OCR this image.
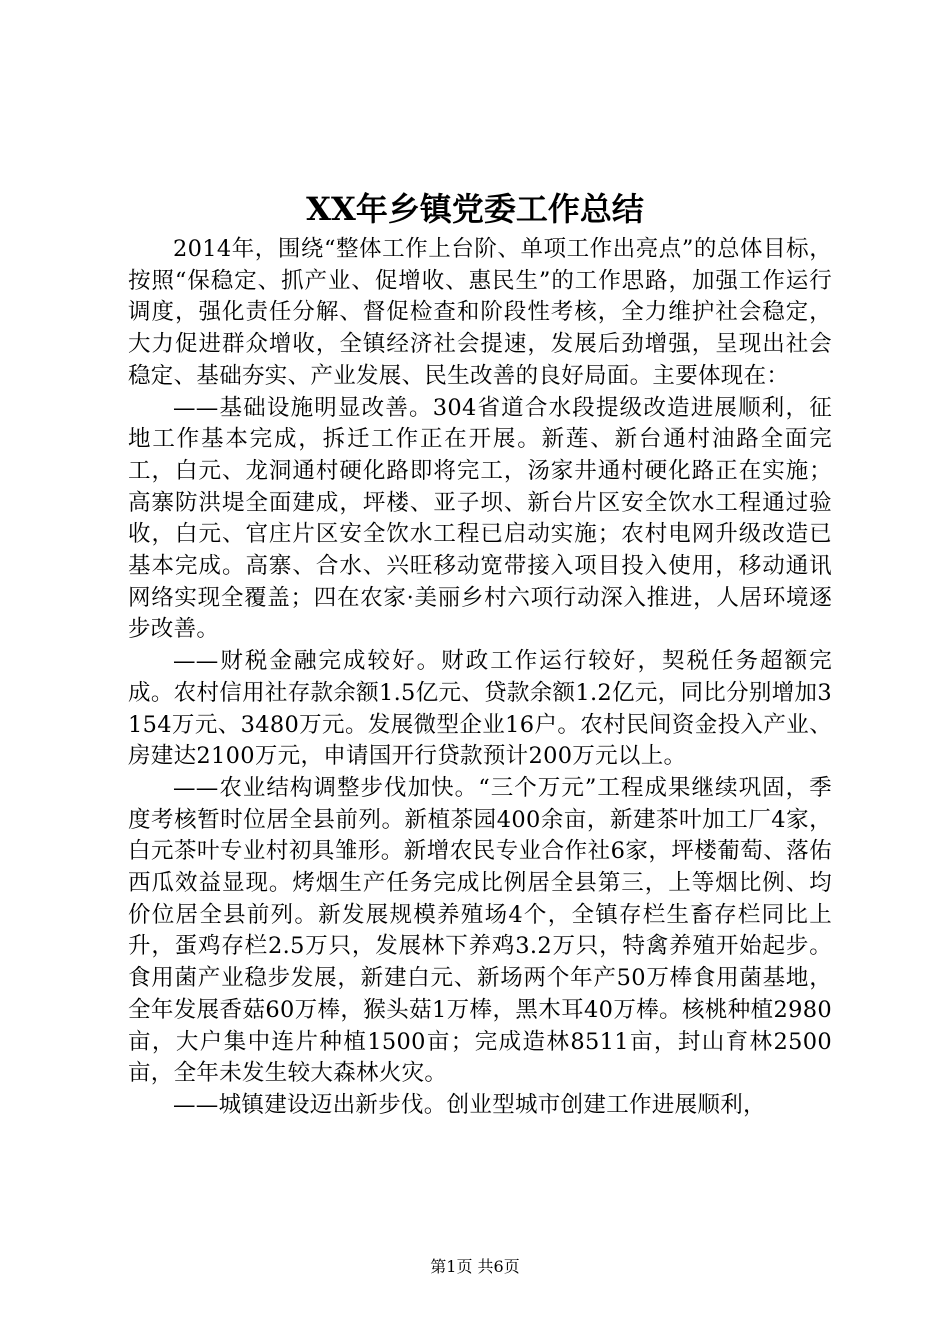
XX年乡镇党委工作总结

2014年，围绕“整体工作上台阶、单项工作出亮点”的总体目标，按照“保稳定、抓产业、促增收、惠民生”的工作思路，加强工作运行调度，强化责任分解、督促检查和阶段性考核，全力维护社会稳定，大力促进群众增收，全镇经济社会提速，发展后劲增强，呈现出社会稳定、基础夯实、产业发展、民生改善的良好局面。主要体现在：

——基础设施明显改善。304省道合水段提级改造进展顺利，征地工作基本完成，拆迁工作正在开展。新莲、新台通村油路全面完工，白元、龙洞通村硬化路即将完工，汤家井通村硬化路正在实施；高寨防洪堤全面建成，坪楼、亚子坝、新台片区安全饮水工程通过验收，白元、官庄片区安全饮水工程已启动实施；农村电网升级改造已基本完成。高寨、合水、兴旺移动宽带接入项目投入使用，移动通讯网络实现全覆盖；四在农家·美丽乡村六项行动深入推进，人居环境逐步改善。

——财税金融完成较好。财政工作运行较好，契税任务超额完成。农村信用社存款余额1.5亿元、贷款余额1.2亿元，同比分别增加3154万元、3480万元。发展微型企业16户。农村民间资金投入产业、房建达2100万元，申请国开行贷款预计200万元以上。

——农业结构调整步伐加快。“三个万元”工程成果继续巩固，季度考核暂时位居全县前列。新植茶园400余亩，新建茶叶加工厂4家，白元茶叶专业村初具雏形。新增农民专业合作社6家，坪楼葡萄、落佑西瓜效益显现。烤烟生产任务完成比例居全县第三，上等烟比例、均价位居全县前列。新发展规模养殖场4个，全镇存栏生畜存栏同比上升，蛋鸡存栏2.5万只，发展林下养鸡3.2万只，特禽养殖开始起步。食用菌产业稳步发展，新建白元、新场两个年产50万棒食用菌基地，全年发展香菇60万棒，猴头菇1万棒，黑木耳40万棒。核桃种植2980亩，大户集中连片种植1500亩；完成造林8511亩，封山育林2500亩，全年未发生较大森林火灾。

——城镇建设迈出新步伐。创业型城市创建工作进展顺利，

第1页 共6页
